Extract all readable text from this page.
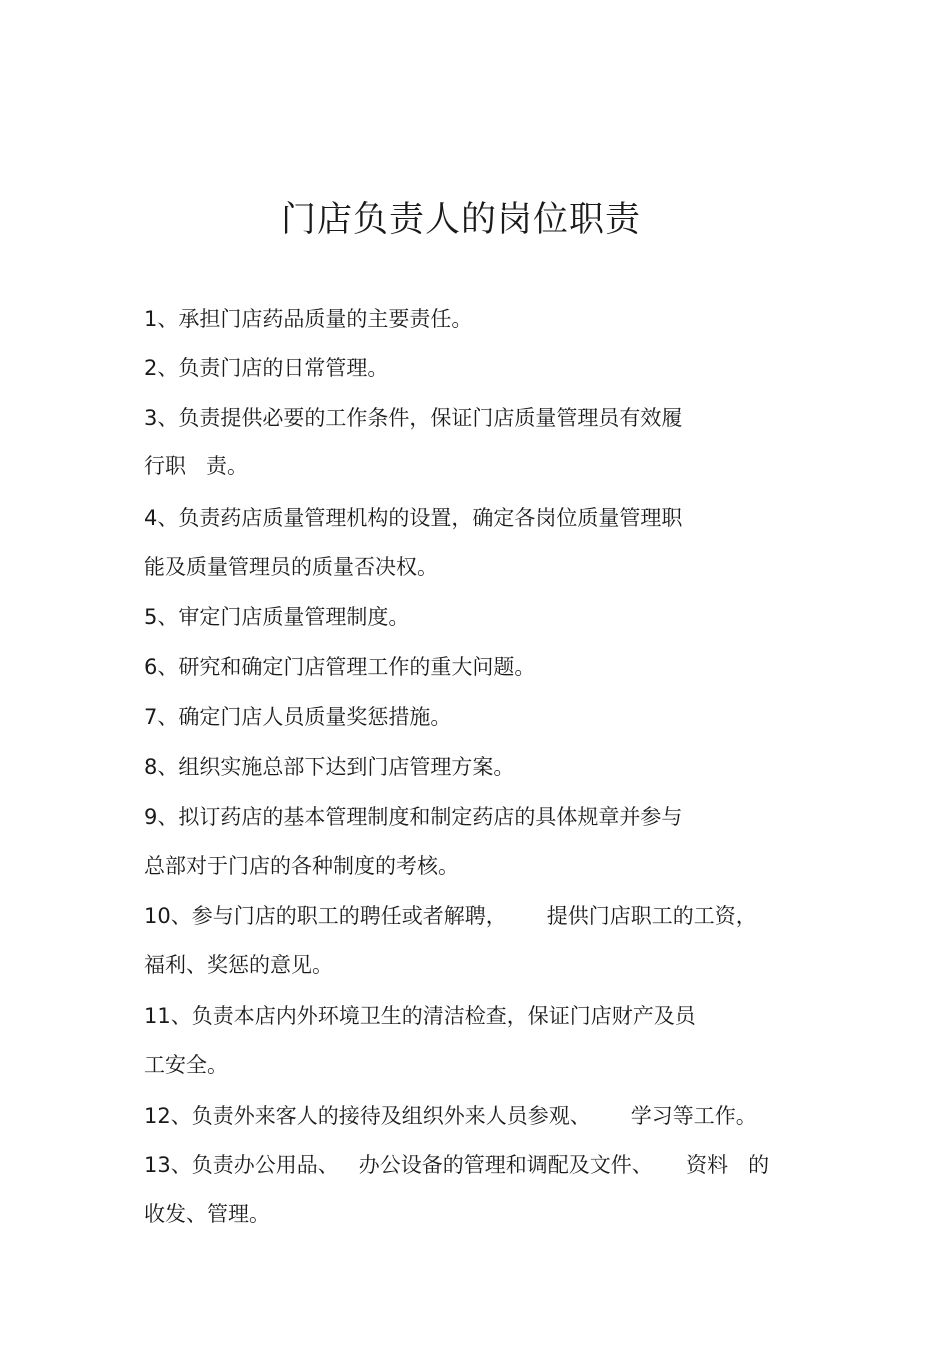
门店负责人的岗位职责

1、承担门店药品质量的主要责任。

2、负责门店的日常管理。

3、负责提供必要的工作条件，保证门店质量管理员有效履

行职   责。

4、负责药店质量管理机构的设置，确定各岗位质量管理职

能及质量管理员的质量否决权。

5、审定门店质量管理制度。

6、研究和确定门店管理工作的重大问题。

7、确定门店人员质量奖惩措施。

8、组织实施总部下达到门店管理方案。

9、拟订药店的基本管理制度和制定药店的具体规章并参与

总部对于门店的各种制度的考核。

10、参与门店的职工的聘任或者解聘，      提供门店职工的工资，

福利、奖惩的意见。

11、负责本店内外环境卫生的清洁检查，保证门店财产及员

工安全。

12、负责外来客人的接待及组织外来人员参观、      学习等工作。

13、负责办公用品、   办公设备的管理和调配及文件、     资料   的

收发、管理。
